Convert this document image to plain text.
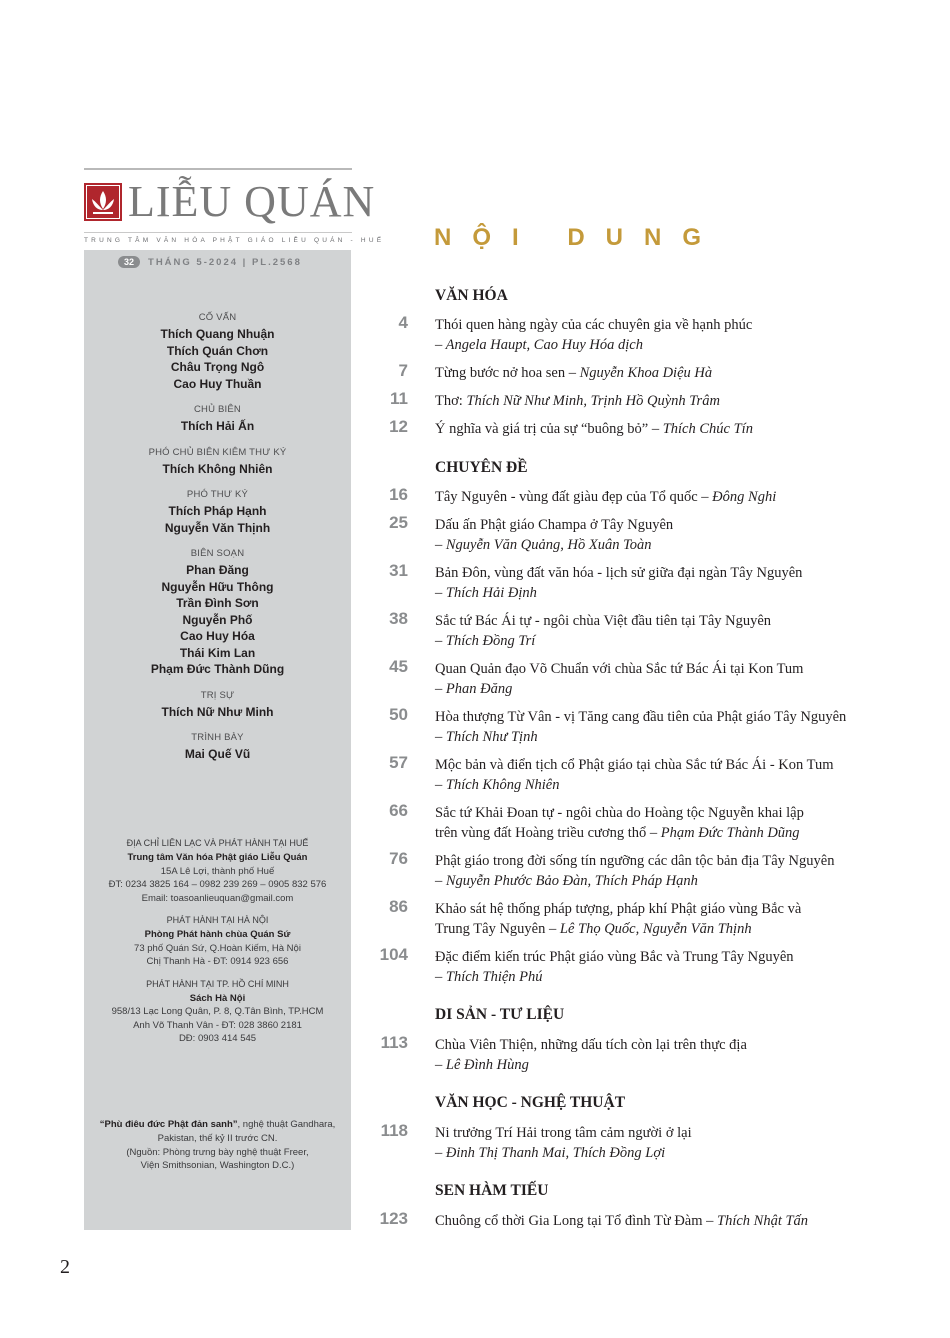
LIỄU QUÁN
TRUNG TÂM VĂN HÓA PHẬT GIÁO LIỄU QUÁN - HUẾ
32	THÁNG 5-2024 | PL.2568
CỐ VẤN
Thích Quang Nhuận
Thích Quán Chơn
Châu Trọng Ngô
Cao Huy Thuần
CHỦ BIÊN
Thích Hải Ấn
PHÓ CHỦ BIÊN KIÊM THƯ KÝ
Thích Không Nhiên
PHÓ THƯ KÝ
Thích Pháp Hạnh
Nguyễn Văn Thịnh
BIÊN SOẠN
Phan Đăng
Nguyễn Hữu Thông
Trần Đình Sơn
Nguyễn Phố
Cao Huy Hóa
Thái Kim Lan
Phạm Đức Thành Dũng
TRỊ SỰ
Thích Nữ Như Minh
TRÌNH BÀY
Mai Quế Vũ
ĐỊA CHỈ LIÊN LẠC VÀ PHÁT HÀNH TẠI HUẾ
Trung tâm Văn hóa Phật giáo Liễu Quán
15A Lê Lợi, thành phố Huế
ĐT: 0234 3825 164 – 0982 239 269 – 0905 832 576
Email: toasoanlieuquan@gmail.com
PHÁT HÀNH TẠI HÀ NỘI
Phòng Phát hành chùa Quán Sứ
73 phố Quán Sứ, Q.Hoàn Kiếm, Hà Nội
Chị Thanh Hà - ĐT: 0914 923 656
PHÁT HÀNH TẠI TP. HỒ CHÍ MINH
Sách Hà Nội
958/13 Lạc Long Quân, P. 8, Q.Tân Bình, TP.HCM
Anh Võ Thanh Vân - ĐT: 028 3860 2181
DĐ: 0903 414 545
“Phù điêu đức Phật đản sanh”, nghệ thuật Gandhara, Pakistan, thế kỷ II trước CN.
(Nguồn: Phòng trưng bày nghệ thuật Freer,
Viện Smithsonian, Washington D.C.)
NỘI DUNG
VĂN HÓA
4 Thói quen hàng ngày của các chuyên gia về hạnh phúc
– Angela Haupt, Cao Huy Hóa dịch
7 Từng bước nở hoa sen – Nguyễn Khoa Diệu Hà
11 Thơ: Thích Nữ Như Minh, Trịnh Hồ Quỳnh Trâm
12 Ý nghĩa và giá trị của sự “buông bỏ” – Thích Chúc Tín
CHUYÊN ĐỀ
16 Tây Nguyên - vùng đất giàu đẹp của Tổ quốc – Đông Nghi
25 Dấu ấn Phật giáo Champa ở Tây Nguyên
– Nguyễn Văn Quảng, Hồ Xuân Toàn
31 Bản Đôn, vùng đất văn hóa - lịch sử giữa đại ngàn Tây Nguyên
– Thích Hải Định
38 Sắc tứ Bác Ái tự - ngôi chùa Việt đầu tiên tại Tây Nguyên
– Thích Đồng Trí
45 Quan Quản đạo Võ Chuẩn với chùa Sắc tứ Bác Ái tại Kon Tum
– Phan Đăng
50 Hòa thượng Từ Vân - vị Tăng cang đầu tiên của Phật giáo Tây Nguyên
– Thích Như Tịnh
57 Mộc bản và điển tịch cổ Phật giáo tại chùa Sắc tứ Bác Ái - Kon Tum
– Thích Không Nhiên
66 Sắc tứ Khải Đoan tự - ngôi chùa do Hoàng tộc Nguyễn khai lập
trên vùng đất Hoàng triều cương thổ – Phạm Đức Thành Dũng
76 Phật giáo trong đời sống tín ngưỡng các dân tộc bản địa Tây Nguyên
– Nguyễn Phước Bảo Đàn, Thích Pháp Hạnh
86 Khảo sát hệ thống pháp tượng, pháp khí Phật giáo vùng Bắc và
Trung Tây Nguyên – Lê Thọ Quốc, Nguyễn Văn Thịnh
104 Đặc điểm kiến trúc Phật giáo vùng Bắc và Trung Tây Nguyên
– Thích Thiện Phú
DI SẢN - TƯ LIỆU
113 Chùa Viên Thiện, những dấu tích còn lại trên thực địa
– Lê Đình Hùng
VĂN HỌC - NGHỆ THUẬT
118 Ni trưởng Trí Hải trong tâm cảm người ở lại
– Đinh Thị Thanh Mai, Thích Đồng Lợi
SEN HÀM TIẾU
123 Chuông cổ thời Gia Long tại Tổ đình Từ Đàm – Thích Nhật Tấn
2
